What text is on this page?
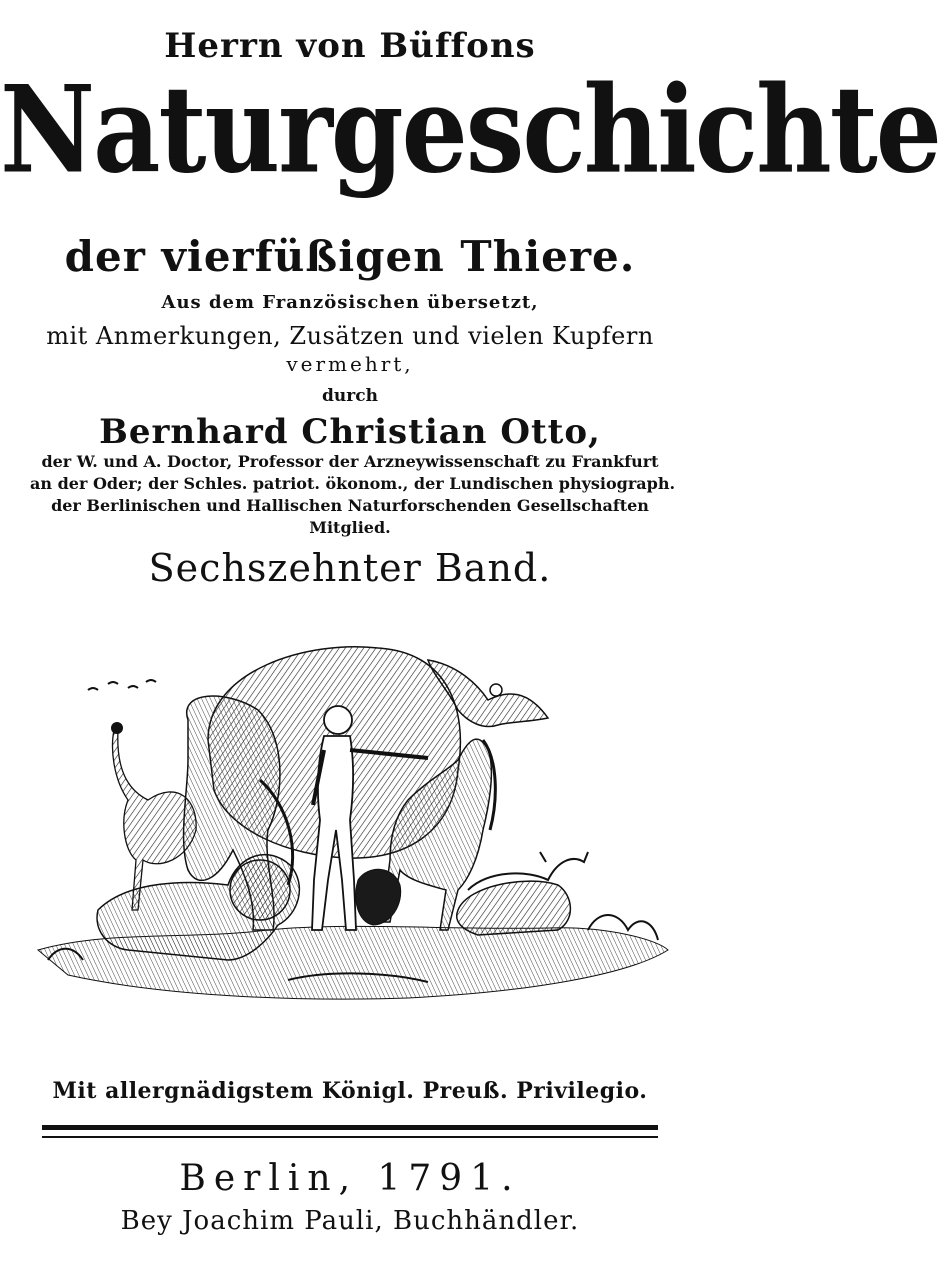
Herrn von Büffons
Naturgeschichte
der vierfüßigen Thiere.
Aus dem Französischen übersetzt,
mit Anmerkungen, Zusätzen und vielen Kupfern
vermehrt,
durch
Bernhard Christian Otto,
der W. und A. Doctor, Professor der Arzneywissenschaft zu Frankfurt
an der Oder; der Schles. patriot. ökonom., der Lundischen physiograph.
der Berlinischen und Hallischen Naturforschenden Gesellschaften
Mitglied.
Sechszehnter Band.
Mit allergnädigstem Königl. Preuß. Privilegio.
Berlin, 1791.
Bey Joachim Pauli, Buchhändler.
